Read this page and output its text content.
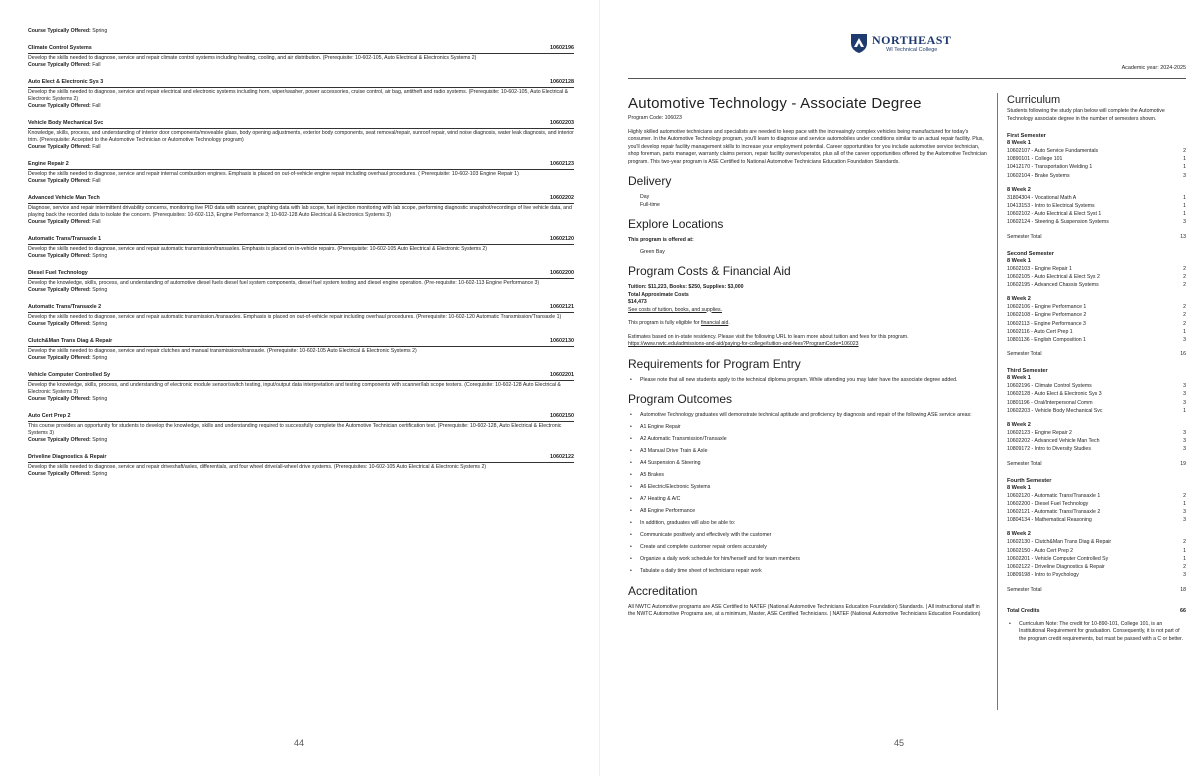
Course Typically Offered: Spring
Climate Control Systems	10602196
Develop the skills needed to diagnose, service and repair climate control systems including heating, cooling, and air distribution. (Prerequisite: 10-602-105, Auto Electrical & Electronics Systems 2)
Course Typically Offered: Fall
Auto Elect & Electronic Sys 3	10602128
Develop the skills needed to diagnose, service and repair electrical and electronic systems including horn, wiper/washer, power accessories, cruise control, air bag, antitheft and radio systems. (Prerequisite: 10-602-105, Auto Electrical & Electronic Systems 2)
Course Typically Offered: Fall
Vehicle Body Mechanical Svc	10602203
Knowledge, skills, process, and understanding of interior door components/moveable glass, body opening adjustments, exterior body components, seat removal/repair, sunroof repair, wind noise diagnosis, water leak diagnosis, and interior trim. (Prerequisite: Accepted to the Automotive Technician or Automotive Technology program)
Course Typically Offered: Fall
Engine Repair 2	10602123
Develop the skills needed to diagnose, service and repair internal combustion engines. Emphasis is placed on out-of-vehicle engine repair including overhaul procedures. ( Prerequisite: 10-602-103 Engine Repair 1)
Course Typically Offered: Fall
Advanced Vehicle Man Tech	10602202
Diagnose, service and repair intermittent drivability concerns, monitoring live PID data with scanner, graphing data with lab scope, fuel injection monitoring with lab scope, performing diagnostic snapshot/recordings of live vehicle data, and playing back the recorded data to isolate the concern. (Prerequisites: 10-602-113, Engine Performance 3; 10-602-128 Auto Electrical & Electronics Systems 3)
Course Typically Offered: Fall
Automatic Trans/Transaxle 1	10602120
Develop the skills needed to diagnose, service and repair automatic transmission/transaxles. Emphasis is placed on in-vehicle repairs. (Prerequisite: 10-602-105 Auto Electrical & Electronic Systems 2)
Course Typically Offered: Spring
Diesel Fuel Technology	10602200
Develop the knowledge, skills, process, and understanding of automotive diesel fuels diesel fuel system components, diesel fuel system testing and diesel engine operation. (Pre-requisite: 10-602-113 Engine Performance 3)
Course Typically Offered: Spring
Automatic Trans/Transaxle 2	10602121
Develop the skills needed to diagnose, service and repair automatic transmission./transaxles. Emphasis is placed on out-of-vehicle repair including overhaul procedures. (Prerequisite: 10-602-120 Automatic Transmission/Transaxle 1)
Course Typically Offered: Spring
Clutch&Man Trans Diag & Repair	10602130
Develop the skills needed to diagnose, service and repair clutches and manual transmissions/transaxle. (Prerequisite: 10-602-105 Auto Electrical & Electronic Systems 2)
Course Typically Offered: Spring
Vehicle Computer Controlled Sy	10602201
Develop the knowledge, skills, process, and understanding of electronic module sensor/switch testing, input/output data interpretation and testing components with scanner/lab scope testers. (Corequisite: 10-602-128 Auto Electrical & Electronic Systems 3)
Course Typically Offered: Spring
Auto Cert Prep 2	10602150
This course provides an opportunity for students to develop the knowledge, skills and understanding required to successfully complete the Automotive Technician certification test. (Prerequisite: 10-602-128, Auto Electrical & Electronic Systems 3)
Course Typically Offered: Spring
Driveline Diagnostics & Repair	10602122
Develop the skills needed to diagnose, service and repair driveshaft/axles, differentials, and four wheel drive/all-wheel drive systems. (Prerequisites: 10-602-105 Auto Electrical & Electronic Systems 2)
Course Typically Offered: Spring
44
NORTHEAST
WI Technical College
Academic year: 2024-2025
Automotive Technology - Associate Degree
Program Code: 106023
Highly skilled automotive technicians and specialists are needed to keep pace with the increasingly complex vehicles being manufactured for today's consumer. In the Automotive Technology program, you'll learn to diagnose and service automobiles under conditions similar to an actual repair facility. Plus, you'll develop repair facility management skills to increase your employment potential. Career opportunities for you include automotive service technician, shop foreman, parts manager, warranty claims person, repair facility owner/operator, plus all of the career opportunities offered by the Automotive Technician program. This two-year program is ASE Certified to National Automotive Technicians Education Foundation Standards.
Delivery
Day
Full-time
Explore Locations
This program is offered at:
Green Bay
Program Costs & Financial Aid
Tuition: $11,223, Books: $250, Supplies: $3,000
Total Approximate Costs
$14,473
See costs of tuition, books, and supplies.
This program is fully eligible for financial aid.
Estimates based on in-state residency. Please visit the following URL to learn more about tuition and fees for this program.
https://www.nwtc.edu/admissions-and-aid/paying-for-college/tuition-and-fees?ProgramCode=106023
Requirements for Program Entry
• Please note that all new students apply to the technical diploma program. While attending you may later have the associate degree added.
Program Outcomes
• Automotive Technology graduates will demonstrate technical aptitude and proficiency by diagnosis and repair of the following ASE service areas:
• A1 Engine Repair
• A2 Automatic Transmission/Transaxle
• A3 Manual Drive Train & Axle
• A4 Suspension & Steering
• A5 Brakes
• A6 Electric/Electronic Systems
• A7 Heating & A/C
• A8 Engine Performance
• In addition, graduates will also be able to:
• Communicate positively and effectively with the customer
• Create and complete customer repair orders accurately
• Organize a daily work schedule for him/herself and for team members
• Tabulate a daily time sheet of technicians repair work
Accreditation
All NWTC Automotive programs are ASE Certified to NATEF (National Automotive Technicians Education Foundation) Standards. | All instructional staff in the NWTC Automotive Programs are, at a minimum, Master, ASE Certified Technicians. | NATEF (National Automotive Technicians Education Foundation)
Curriculum
Students following the study plan below will complete the Automotive Technology associate degree in the number of semesters shown.
First Semester
8 Week 1
10602107 - Auto Service Fundamentals	2
10890101 - College 101	1
10412170 - Transportation Welding 1	1
10602104 - Brake Systems	3
8 Week 2
31804304 - Vocational Math A	1
10413153 - Intro to Electrical Systems	1
10602102 - Auto Electrical & Elect Syst 1	1
10602124 - Steering & Suspension Systems	3
Semester Total	13
Second Semester
8 Week 1
10602103 - Engine Repair 1	2
10602105 - Auto Electrical & Elect Sys 2	2
10602195 - Advanced Chassis Systems	2
8 Week 2
10602106 - Engine Performance 1	2
10602108 - Engine Performance 2	2
10602113 - Engine Performance 3	2
10602116 - Auto Cert Prep 1	1
10801136 - English Composition 1	3
Semester Total	16
Third Semester
8 Week 1
10602196 - Climate Control Systems	3
10602128 - Auto Elect & Electronic Sys 3	3
10801196 - Oral/Interpersonal Comm	3
10602203 - Vehicle Body Mechanical Svc	1
8 Week 2
10602123 - Engine Repair 2	3
10602202 - Advanced Vehicle Man Tech	3
10809172 - Intro to Diversity Studies	3
Semester Total	19
Fourth Semester
8 Week 1
10602120 - Automatic Trans/Transaxle 1	2
10602200 - Diesel Fuel Technology	1
10602121 - Automatic Trans/Transaxle 2	3
10804134 - Mathematical Reasoning	3
8 Week 2
10602130 - Clutch&Man Trans Diag & Repair	2
10602150 - Auto Cert Prep 2	1
10602201 - Vehicle Computer Controlled Sy	1
10602122 - Driveline Diagnostics & Repair	2
10809198 - Intro to Psychology	3
Semester Total	18
Total Credits	66
• Curriculum Note: The credit for 10-890-101, College 101, is an Institutional Requirement for graduation. Consequently, it is not part of the program credit requirements, but must be passed with a C or better.
45
